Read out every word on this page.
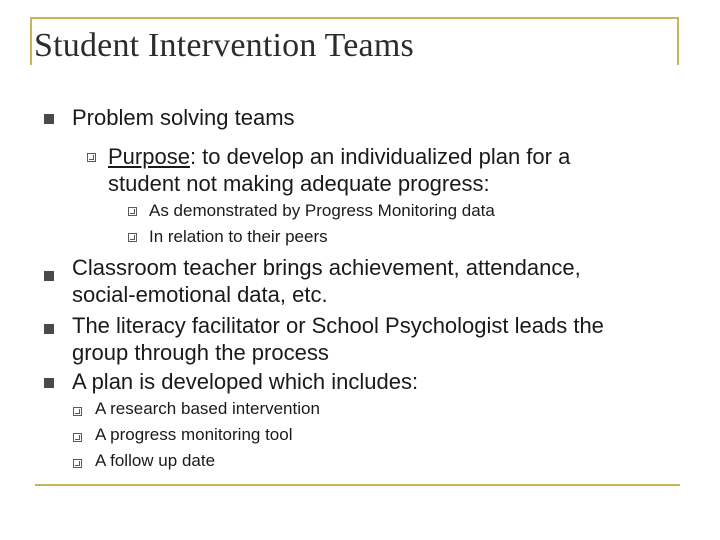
Student Intervention Teams
Problem solving teams
Purpose: to develop an individualized plan for a
student not making adequate progress:
As demonstrated by Progress Monitoring data
In relation to their peers
Classroom teacher brings achievement, attendance,
social-emotional data, etc.
The literacy facilitator or School Psychologist leads the
group through the process
A plan is developed which includes:
A research based intervention
A progress monitoring tool
A follow up date
